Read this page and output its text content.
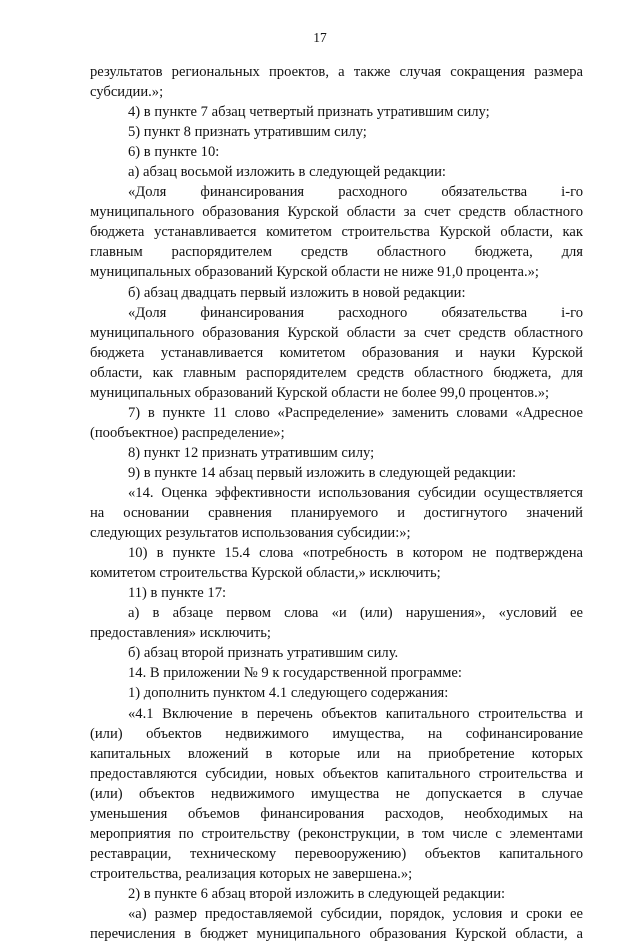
17
результатов региональных проектов, а также случая сокращения размера
субсидии.»;
4) в пункте 7 абзац четвертый признать утратившим силу;
5) пункт 8 признать утратившим силу;
6) в пункте 10:
а) абзац восьмой изложить в следующей редакции:
«Доля финансирования расходного обязательства i-го
муниципального образования Курской области за счет средств областного
бюджета устанавливается комитетом строительства Курской области, как
главным распорядителем средств областного бюджета, для
муниципальных образований Курской области не ниже 91,0 процента.»;
б) абзац двадцать первый изложить в новой редакции:
«Доля финансирования расходного обязательства i-го
муниципального образования Курской области за счет средств областного
бюджета устанавливается комитетом образования и науки Курской
области, как главным распорядителем средств областного бюджета, для
муниципальных образований Курской области не более 99,0 процентов.»;
7) в пункте 11 слово «Распределение» заменить словами «Адресное
(пообъектное) распределение»;
8) пункт 12 признать утратившим силу;
9) в пункте 14 абзац первый изложить в следующей редакции:
«14. Оценка эффективности использования субсидии осуществляется
на основании сравнения планируемого и достигнутого значений
следующих результатов использования субсидии:»;
10) в пункте 15.4 слова «потребность в котором не подтверждена
комитетом строительства Курской области,» исключить;
11) в пункте 17:
а) в абзаце первом слова «и (или) нарушения», «условий ее
предоставления» исключить;
б) абзац второй признать утратившим силу.
14. В приложении № 9 к государственной программе:
1) дополнить пунктом 4.1 следующего содержания:
«4.1 Включение в перечень объектов капитального строительства и
(или) объектов недвижимого имущества, на софинансирование
капитальных вложений в которые или на приобретение которых
предоставляются субсидии, новых объектов капитального строительства и
(или) объектов недвижимого имущества не допускается в случае
уменьшения объемов финансирования расходов, необходимых на
мероприятия по строительству (реконструкции, в том числе с элементами
реставрации, техническому перевооружению) объектов капитального
строительства, реализация которых не завершена.»;
2) в пункте 6 абзац второй изложить в следующей редакции:
«а) размер предоставляемой субсидии, порядок, условия и сроки ее
перечисления в бюджет муниципального образования Курской области, а
